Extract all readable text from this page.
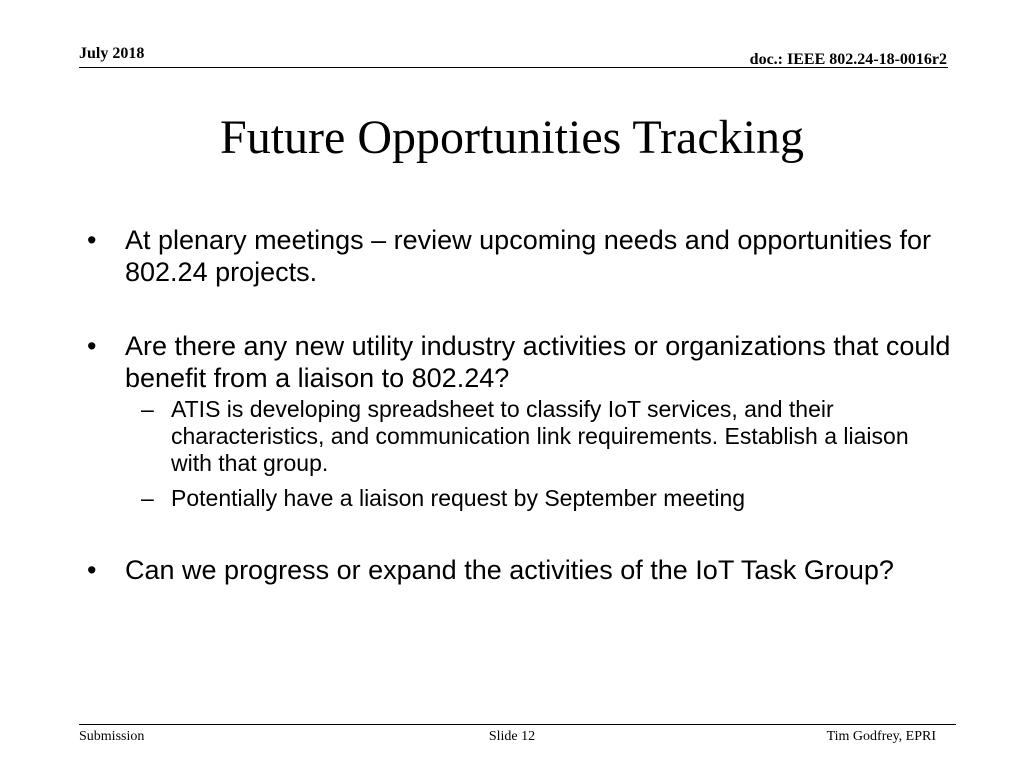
July 2018	doc.: IEEE 802.24-18-0016r2
Future Opportunities Tracking
• At plenary meetings – review upcoming needs and opportunities for 802.24 projects.
• Are there any new utility industry activities or organizations that could benefit from a liaison to 802.24?
– ATIS is developing spreadsheet to classify IoT services, and their characteristics, and communication link requirements. Establish a liaison with that group.
– Potentially have a liaison request by September meeting
• Can we progress or expand the activities of the IoT Task Group?
Submission	Slide 12	Tim Godfrey, EPRI
